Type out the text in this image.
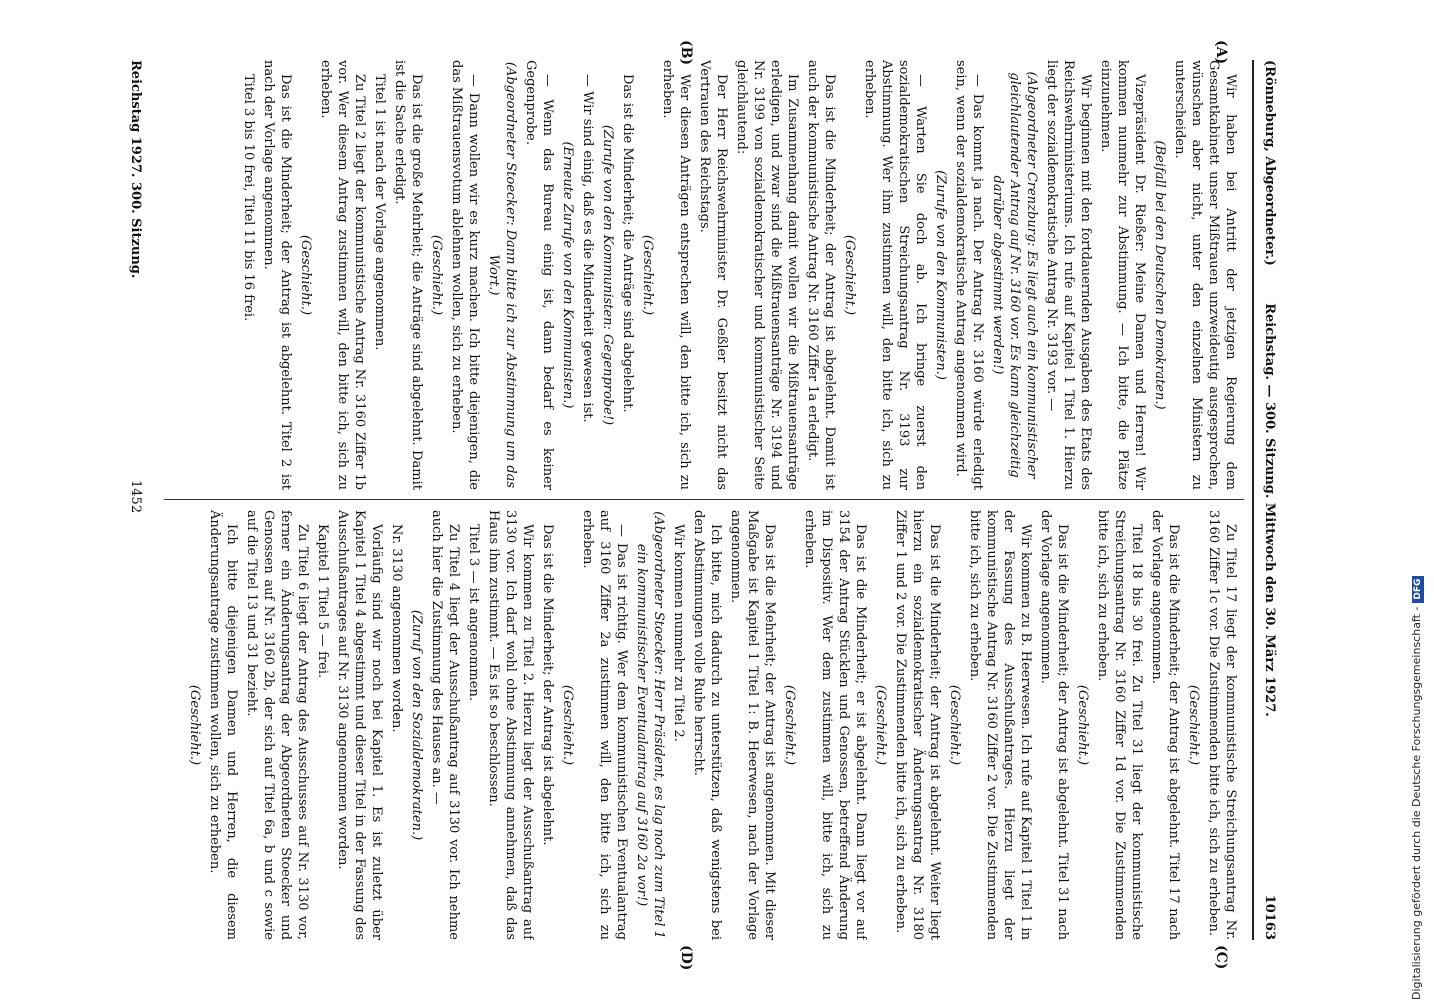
(Rönneburg, Abgeordneter.)
Reichstag. — 300. Sitzung. Mittwoch den 30. März 1927.
10163
(A)
(B)
(C)
(D)

Wir haben bei Antritt der jetzigen Regierung dem Gesamtkabinett unser Mißtrauen unzweideutig ausgesprochen, wünschen aber nicht, unter den einzelnen Ministern zu unterscheiden.

(Beifall bei den Deutschen Demokraten.)

Vizepräsident Dr. Rießer: Meine Damen und Herren! Wir kommen nunmehr zur Abstimmung. — Ich bitte, die Plätze einzunehmen.

Wir beginnen mit den fortdauernden Ausgaben des Etats des Reichswehrministeriums. Ich rufe auf Kapitel 1 Titel 1. Hierzu liegt der sozialdemokratische Antrag Nr. 3193 vor. —

(Abgeordneter Crenzburg: Es liegt auch ein kommunistischer gleichlautender Antrag auf Nr. 3160 vor. Es kann gleichzeitig darüber abgestimmt werden!)

— Das kommt ja nach. Der Antrag Nr. 3160 würde erledigt sein, wenn der sozialdemokratische Antrag angenommen wird.

(Zurufe von den Kommunisten.)

— Warten Sie doch ab. Ich bringe zuerst den sozialdemokratischen Streichungsantrag Nr. 3193 zur Abstimmung. Wer ihm zustimmen will, den bitte ich, sich zu erheben.

(Geschieht.)

Das ist die Minderheit; der Antrag ist abgelehnt. Damit ist auch der kommunistische Antrag Nr. 3160 Ziffer 1a erledigt.

Im Zusammenhang damit wollen wir die Mißtrauensanträge erledigen, und zwar sind die Mißtrauensanträge Nr. 3194 und Nr. 3199 von sozialdemokratischer und kommunistischer Seite gleichlautend:

Der Herr Reichswehrminister Dr. Geßler besitzt nicht das Vertrauen des Reichstags.

Wer diesen Anträgen entsprechen will, den bitte ich, sich zu erheben.

(Geschieht.)

Das ist die Minderheit; die Anträge sind abgelehnt.

(Zurufe von den Kommunisten: Gegenprobe!)

— Wir sind einig, daß es die Minderheit gewesen ist.

(Erneute Zurufe von den Kommunisten.)

— Wenn das Bureau einig ist, dann bedarf es keiner Gegenprobe.

(Abgeordneter Stoecker: Dann bitte ich zur Abstimmung um das Wort.)

— Dann wollen wir es kurz machen. Ich bitte diejenigen, die das Mißtrauensvotum ablehnen wollen, sich zu erheben.

(Geschieht.)

Das ist die große Mehrheit; die Anträge sind abgelehnt. Damit ist die Sache erledigt.

Titel 1 ist nach der Vorlage angenommen.

Zu Titel 2 liegt der kommunistische Antrag Nr. 3160 Ziffer 1b vor. Wer diesem Antrag zustimmen will, den bitte ich, sich zu erheben.

(Geschieht.)

Das ist die Minderheit; der Antrag ist abgelehnt. Titel 2 ist nach der Vorlage angenommen.

Titel 3 bis 10 frei, Titel 11 bis 16 frei.

Zu Titel 17 liegt der kommunistische Streichungsantrag Nr. 3160 Ziffer 1c vor. Die Zustimmenden bitte ich, sich zu erheben.

(Geschieht.)

Das ist die Minderheit; der Antrag ist abgelehnt. Titel 17 nach der Vorlage angenommen.

Titel 18 bis 30 frei. Zu Titel 31 liegt der kommunistische Streichungsantrag Nr. 3160 Ziffer 1d vor. Die Zustimmenden bitte ich, sich zu erheben.

(Geschieht.)

Das ist die Minderheit; der Antrag ist abgelehnt. Titel 31 nach der Vorlage angenommen.

Wir kommen zu B. Heerwesen. Ich rufe auf Kapitel 1 Titel 1 in der Fassung des Ausschußantrages. Hierzu liegt der kommunistische Antrag Nr. 3160 Ziffer 2 vor. Die Zustimmenden bitte ich, sich zu erheben.

(Geschieht.)

Das ist die Minderheit; der Antrag ist abgelehnt. Weiter liegt hierzu ein sozialdemokratischer Änderungsantrag Nr. 3180 Ziffer 1 und 2 vor. Die Zustimmenden bitte ich, sich zu erheben.

(Geschieht.)

Das ist die Minderheit; er ist abgelehnt. Dann liegt vor auf 3154 der Antrag Stücklen und Genossen, betreffend Änderung im Dispositiv. Wer dem zustimmen will, bitte ich, sich zu erheben.

(Geschieht.)

Das ist die Mehrheit; der Antrag ist angenommen. Mit dieser Maßgabe ist Kapitel 1 Titel 1: B. Heerwesen, nach der Vorlage angenommen.

Ich bitte, mich dadurch zu unterstützen, daß wenigstens bei den Abstimmungen volle Ruhe herrscht.

Wir kommen nunmehr zu Titel 2.

(Abgeordneter Stoecker: Herr Präsident, es lag noch zum Titel 1 ein kommunistischer Eventualantrag auf 3160 2a vor!)

— Das ist richtig. Wer dem kommunistischen Eventualantrag auf 3160 Ziffer 2a zustimmen will, den bitte ich, sich zu erheben.

(Geschieht.)

Das ist die Minderheit; der Antrag ist abgelehnt.

Wir kommen zu Titel 2. Hierzu liegt der Ausschußantrag auf 3130 vor. Ich darf wohl ohne Abstimmung annehmen, daß das Haus ihm zustimmt. — Es ist so beschlossen.

Titel 3 — ist angenommen.

Zu Titel 4 liegt der Ausschußantrag auf 3130 vor. Ich nehme auch hier die Zustimmung des Hauses an. —

(Zuruf von den Sozialdemokraten.)

Nr. 3130 angenommen worden.

Vorläufig sind wir noch bei Kapitel 1. Es ist zuletzt über Kapitel 1 Titel 4 abgestimmt und dieser Titel in der Fassung des Ausschußantrages auf Nr. 3130 angenommen worden.

Kapitel 1 Titel 5 — frei.

Zu Titel 6 liegt der Antrag des Ausschusses auf Nr. 3130 vor, ferner ein Änderungsantrag der Abgeordneten Stoecker und Genossen auf Nr. 3160 2b, der sich auf Titel 6a, b und c sowie auf die Titel 13 und 31 bezieht.

Ich bitte diejenigen Damen und Herren, die diesem Änderungsantrage zustimmen wollen, sich zu erheben.

(Geschieht.)

Reichstag 1927. 300. Sitzung.
1452
Digitalisierung gefördert durch die Deutsche Forschungsgemeinschaft -DFG
